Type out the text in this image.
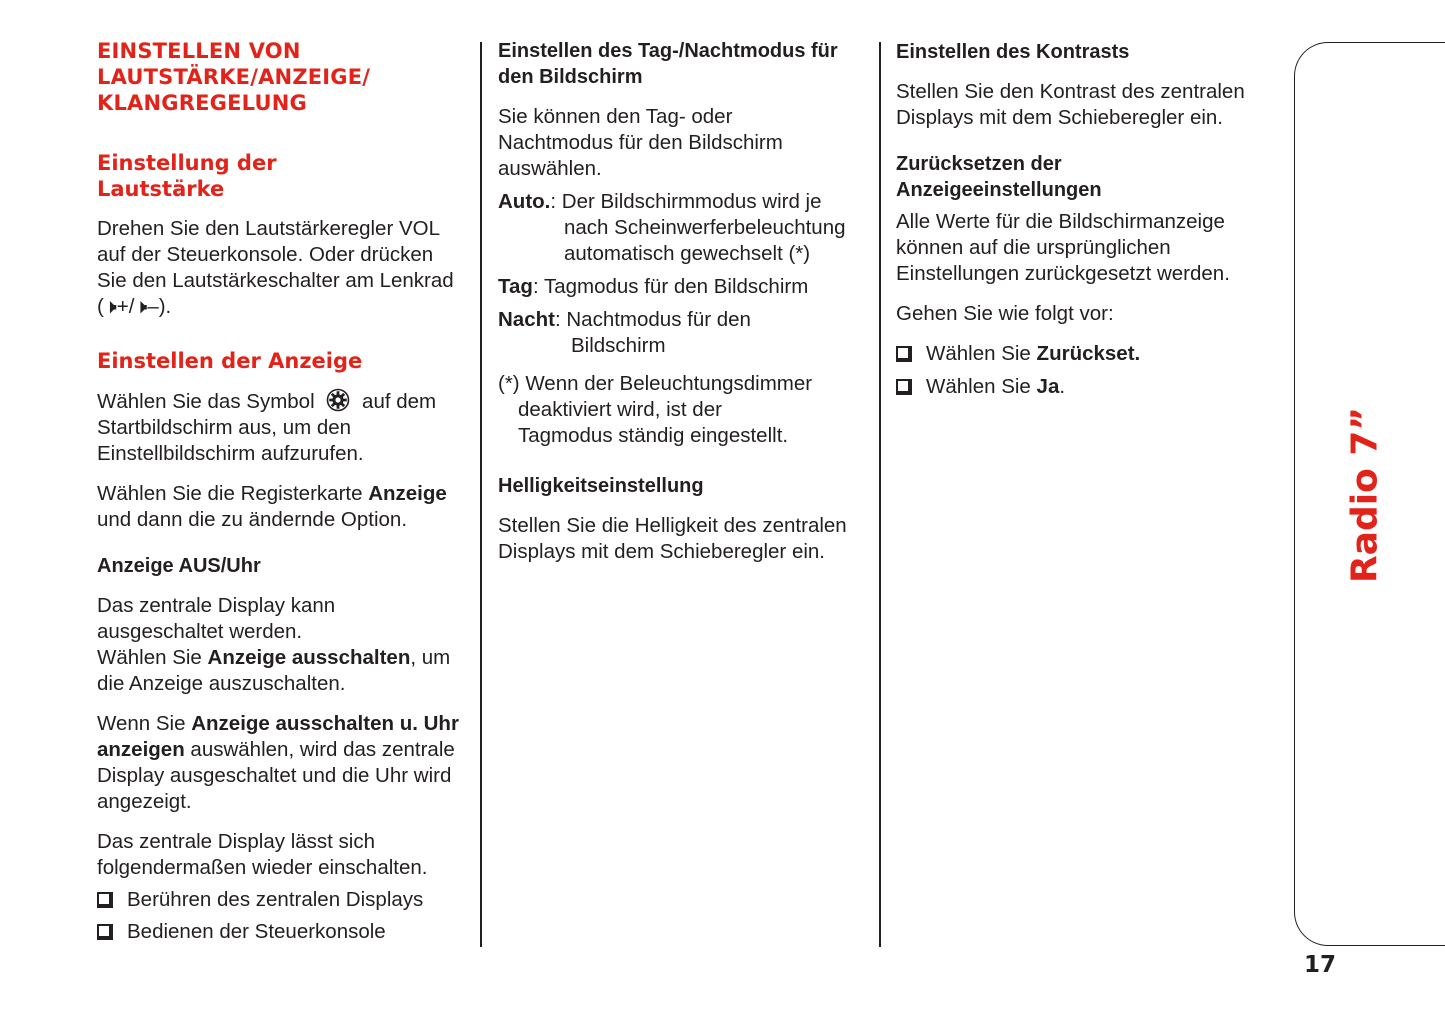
EINSTELLEN VON
LAUTSTÄRKE/ANZEIGE/
KLANGREGELUNG
Einstellung der
Lautstärke

Drehen Sie den Lautstärkeregler VOL auf der Steuerkonsole. Oder drücken Sie den Lautstärkeschalter am Lenkrad (🕨+/🕨–).

Einstellen der Anzeige

Wählen Sie das Symbol auf dem Startbildschirm aus, um den Einstellbildschirm aufzurufen.

Wählen Sie die Registerkarte Anzeige und dann die zu ändernde Option.

Anzeige AUS/Uhr

Das zentrale Display kann ausgeschaltet werden.
Wählen Sie Anzeige ausschalten, um die Anzeige auszuschalten.

Wenn Sie Anzeige ausschalten u. Uhr anzeigen auswählen, wird das zentrale Display ausgeschaltet und die Uhr wird angezeigt.

Das zentrale Display lässt sich folgendermaßen wieder einschalten.

Berühren des zentralen Displays
Bedienen der Steuerkonsole
Einstellen des Tag-/Nachtmodus für den Bildschirm

Sie können den Tag- oder Nachtmodus für den Bildschirm auswählen.

Auto.: Der Bildschirmmodus wird je nach Scheinwerferbeleuchtung automatisch gewechselt (*)

Tag: Tagmodus für den Bildschirm

Nacht: Nachtmodus für den Bildschirm

(*) Wenn der Beleuchtungsdimmer deaktiviert wird, ist der Tagmodus ständig eingestellt.

Helligkeitseinstellung

Stellen Sie die Helligkeit des zentralen Displays mit dem Schieberegler ein.

Einstellen des Kontrasts

Stellen Sie den Kontrast des zentralen Displays mit dem Schieberegler ein.

Zurücksetzen der Anzeigeeinstellungen

Alle Werte für die Bildschirmanzeige können auf die ursprünglichen Einstellungen zurückgesetzt werden.

Gehen Sie wie folgt vor:

Wählen Sie Zurückset.
Wählen Sie Ja.
Radio 7”
17
